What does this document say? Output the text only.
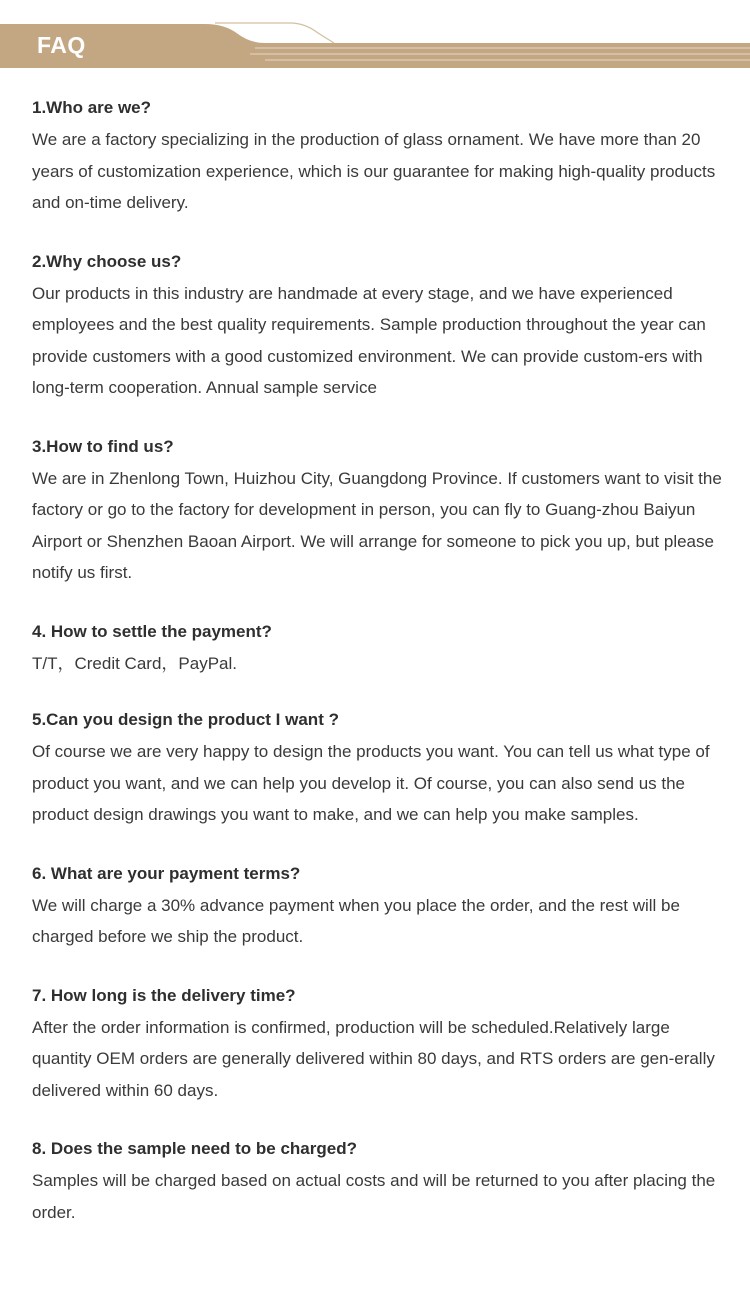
FAQ
1.Who are we?

We are a factory specializing in the production of glass ornament. We have more than 20 years of customization experience, which is our guarantee for making high-quality products and on-time delivery.

2.Why choose us?

Our products in this industry are handmade at every stage, and we have experienced employees and the best quality requirements. Sample production throughout the year can provide customers with a good customized environment. We can provide custom-ers with long-term cooperation. Annual sample service

3.How to find us?

We are in Zhenlong Town, Huizhou City, Guangdong Province. If customers want to visit the factory or go to the factory for development in person, you can fly to Guang-zhou Baiyun Airport or Shenzhen Baoan Airport. We will arrange for someone to pick you up, but please notify us first.

4. How to settle the payment?

T/T，Credit Card，PayPal.

5.Can you design the product I want ?

Of course we are very happy to design the products you want. You can tell us what type of product you want, and we can help you develop it. Of course, you can also send us the product design drawings you want to make, and we can help you make samples.

6. What are your payment terms?

We will charge a 30% advance payment when you place the order, and the rest will be charged before we ship the product.

7. How long is the delivery time?

After the order information is confirmed, production will be scheduled.Relatively large quantity OEM orders are generally delivered within 80 days, and RTS orders are gen-erally delivered within 60 days.

8. Does the sample need to be charged?

Samples will be charged based on actual costs and will be returned to you after placing the order.
